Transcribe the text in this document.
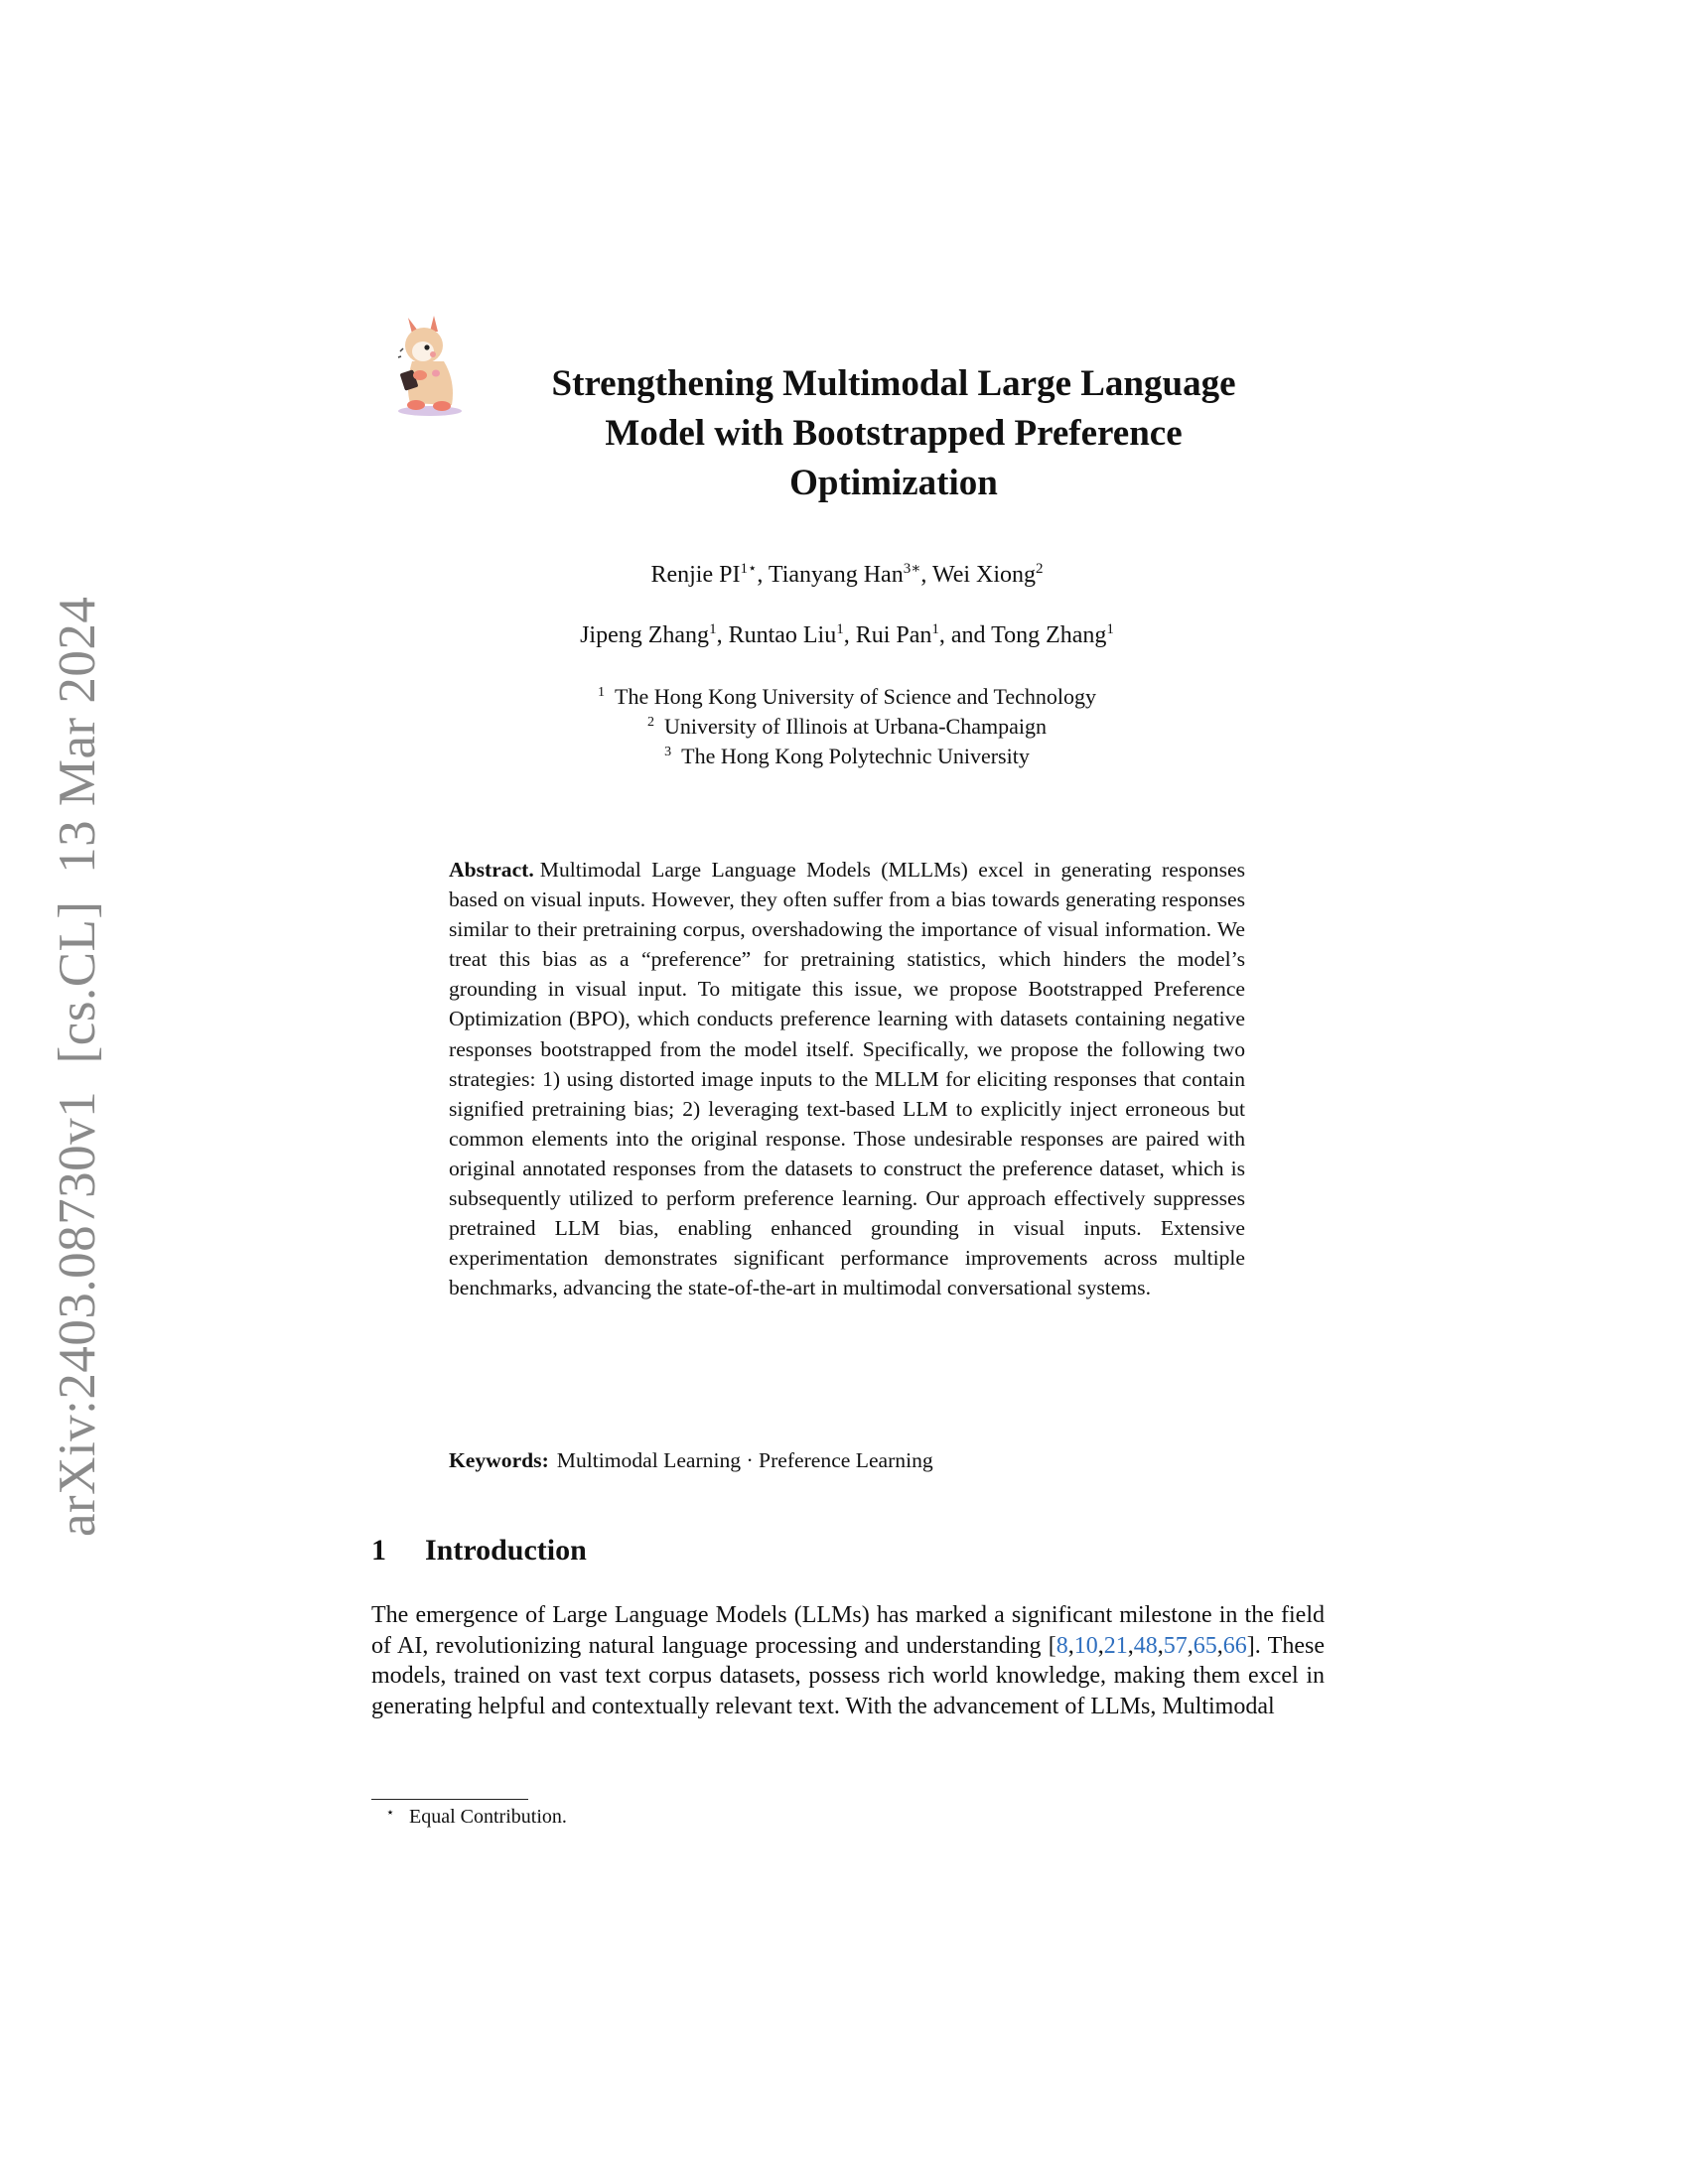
arXiv:2403.08730v1  [cs.CL]  13 Mar 2024
Strengthening Multimodal Large Language
Model with Bootstrapped Preference
Optimization
Renjie $PI^{1⋆}$, Tianyang Han$^{3∗}$, Wei Xiong$^2$
Jipeng Zhang$^1$, Runtao Liu$^1$, Rui Pan$^1$, and Tong Zhang$^1$
$^1$ The Hong Kong University of Science and Technology
$^2$ University of Illinois at Urbana-Champaign
$^3$ The Hong Kong Polytechnic University

Abstract. Multimodal Large Language Models (MLLMs) excel in generating responses based on visual inputs. However, they often suffer from a bias towards generating responses similar to their pretraining corpus, overshadowing the importance of visual information. We treat this bias as a “preference” for pretraining statistics, which hinders the model’s grounding in visual input. To mitigate this issue, we propose Bootstrapped Preference Optimization (BPO), which conducts preference learning with datasets containing negative responses bootstrapped from the model itself. Specifically, we propose the following two strategies: 1) using distorted image inputs to the MLLM for eliciting responses that contain signified pretraining bias; 2) leveraging text-based LLM to explicitly inject erroneous but common elements into the original response. Those undesirable responses are paired with original annotated responses from the datasets to construct the preference dataset, which is subsequently utilized to perform preference learning. Our approach effectively suppresses pretrained LLM bias, enabling enhanced grounding in visual inputs. Extensive experimentation demonstrates significant performance improvements across multiple benchmarks, advancing the state-of-the-art in multimodal conversational systems.

Keywords: Multimodal Learning · Preference Learning
1 Introduction

The emergence of Large Language Models (LLMs) has marked a significant milestone in the field of AI, revolutionizing natural language processing and understanding [8,10,21,48,57,65,66]. These models, trained on vast text corpus datasets, possess rich world knowledge, making them excel in generating helpful and contextually relevant text. With the advancement of LLMs, Multimodal

⋆ Equal Contribution.
